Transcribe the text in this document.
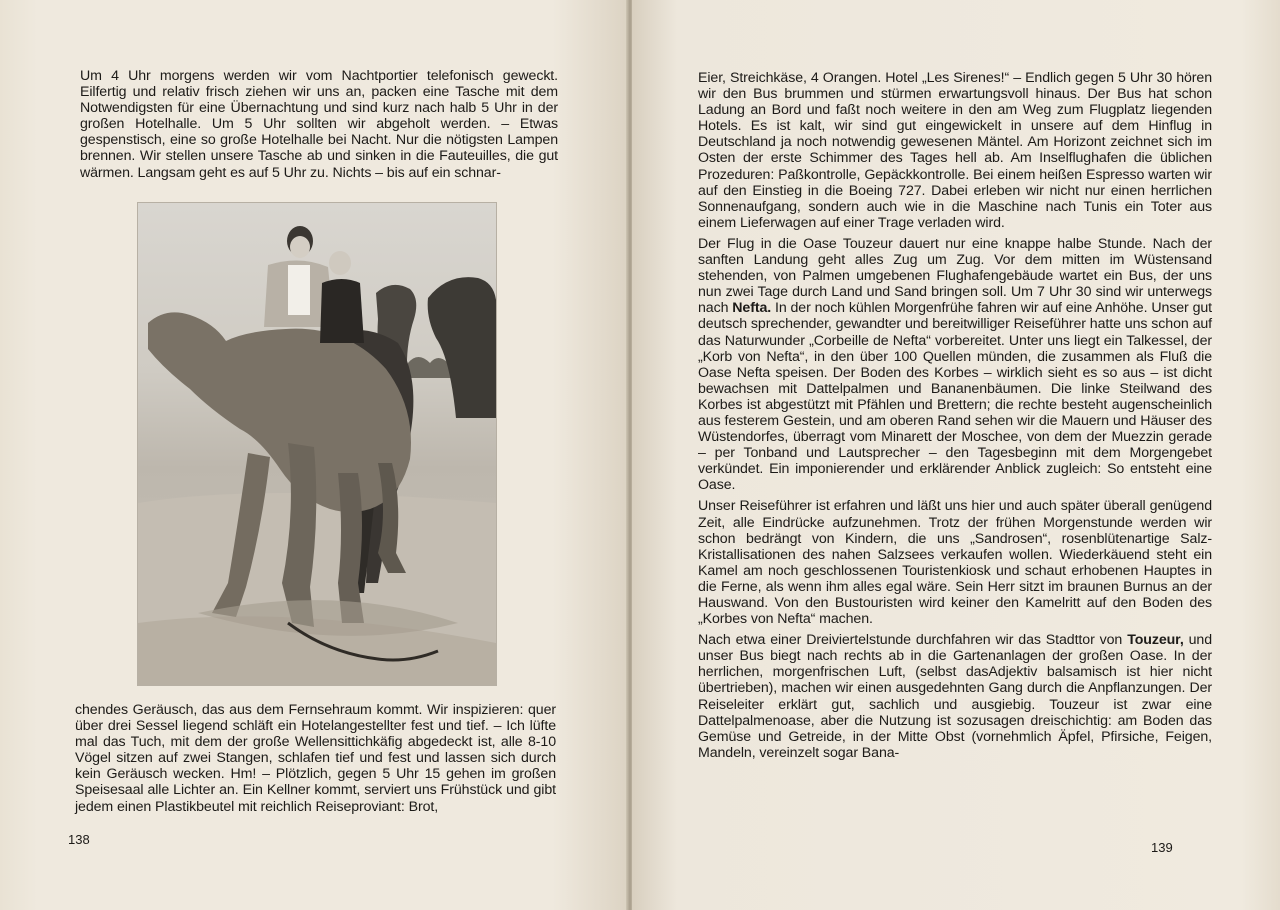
Um 4 Uhr morgens werden wir vom Nachtportier telefonisch geweckt. Eilfertig und relativ frisch ziehen wir uns an, packen eine Tasche mit dem Notwendigsten für eine Übernachtung und sind kurz nach halb 5 Uhr in der großen Hotelhalle. Um 5 Uhr sollten wir abgeholt werden. – Etwas gespenstisch, eine so große Hotelhalle bei Nacht. Nur die nötigsten Lampen brennen. Wir stellen unsere Tasche ab und sinken in die Fauteuilles, die gut wärmen. Langsam geht es auf 5 Uhr zu. Nichts – bis auf ein schnar-

chendes Geräusch, das aus dem Fernsehraum kommt. Wir inspizieren: quer über drei Sessel liegend schläft ein Hotelangestellter fest und tief. – Ich lüfte mal das Tuch, mit dem der große Wellensittichkäfig abgedeckt ist, alle 8-10 Vögel sitzen auf zwei Stangen, schlafen tief und fest und lassen sich durch kein Geräusch wecken. Hm! – Plötzlich, gegen 5 Uhr 15 gehen im großen Speisesaal alle Lichter an. Ein Kellner kommt, serviert uns Frühstück und gibt jedem einen Plastikbeutel mit reichlich Reiseproviant: Brot,

138

Eier, Streichkäse, 4 Orangen. Hotel „Les Sirenes!“ – Endlich gegen 5 Uhr 30 hören wir den Bus brummen und stürmen erwartungsvoll hinaus. Der Bus hat schon Ladung an Bord und faßt noch weitere in den am Weg zum Flugplatz liegenden Hotels. Es ist kalt, wir sind gut eingewickelt in unsere auf dem Hinflug in Deutschland ja noch notwendig gewesenen Mäntel. Am Horizont zeichnet sich im Osten der erste Schimmer des Tages hell ab. Am Inselflughafen die üblichen Prozeduren: Paßkontrolle, Gepäckkontrolle. Bei einem heißen Espresso warten wir auf den Einstieg in die Boeing 727. Dabei erleben wir nicht nur einen herrlichen Sonnenaufgang, sondern auch wie in die Maschine nach Tunis ein Toter aus einem Lieferwagen auf einer Trage verladen wird.

Der Flug in die Oase Touzeur dauert nur eine knappe halbe Stunde. Nach der sanften Landung geht alles Zug um Zug. Vor dem mitten im Wüstensand stehenden, von Palmen umgebenen Flughafengebäude wartet ein Bus, der uns nun zwei Tage durch Land und Sand bringen soll. Um 7 Uhr 30 sind wir unterwegs nach Nefta. In der noch kühlen Morgenfrühe fahren wir auf eine Anhöhe. Unser gut deutsch sprechender, gewandter und bereitwilliger Reiseführer hatte uns schon auf das Naturwunder „Corbeille de Nefta“ vorbereitet. Unter uns liegt ein Talkessel, der „Korb von Nefta“, in den über 100 Quellen münden, die zusammen als Fluß die Oase Nefta speisen. Der Boden des Korbes – wirklich sieht es so aus – ist dicht bewachsen mit Dattelpalmen und Bananenbäumen. Die linke Steilwand des Korbes ist abgestützt mit Pfählen und Brettern; die rechte besteht augenscheinlich aus festerem Gestein, und am oberen Rand sehen wir die Mauern und Häuser des Wüstendorfes, überragt vom Minarett der Moschee, von dem der Muezzin gerade – per Tonband und Lautsprecher – den Tagesbeginn mit dem Morgengebet verkündet. Ein imponierender und erklärender Anblick zugleich: So entsteht eine Oase.

Unser Reiseführer ist erfahren und läßt uns hier und auch später überall genügend Zeit, alle Eindrücke aufzunehmen. Trotz der frühen Morgenstunde werden wir schon bedrängt von Kindern, die uns „Sandrosen“, rosenblütenartige Salz-Kristallisationen des nahen Salzsees verkaufen wollen. Wiederkäuend steht ein Kamel am noch geschlossenen Touristenkiosk und schaut erhobenen Hauptes in die Ferne, als wenn ihm alles egal wäre. Sein Herr sitzt im braunen Burnus an der Hauswand. Von den Bustouristen wird keiner den Kamelritt auf den Boden des „Korbes von Nefta“ machen.

Nach etwa einer Dreiviertelstunde durchfahren wir das Stadttor von Touzeur, und unser Bus biegt nach rechts ab in die Gartenanlagen der großen Oase. In der herrlichen, morgenfrischen Luft, (selbst dasAdjektiv balsamisch ist hier nicht übertrieben), machen wir einen ausgedehnten Gang durch die Anpflanzungen. Der Reiseleiter erklärt gut, sachlich und ausgiebig. Touzeur ist zwar eine Dattelpalmenoase, aber die Nutzung ist sozusagen dreischichtig: am Boden das Gemüse und Getreide, in der Mitte Obst (vornehmlich Äpfel, Pfirsiche, Feigen, Mandeln, vereinzelt sogar Bana-

139
